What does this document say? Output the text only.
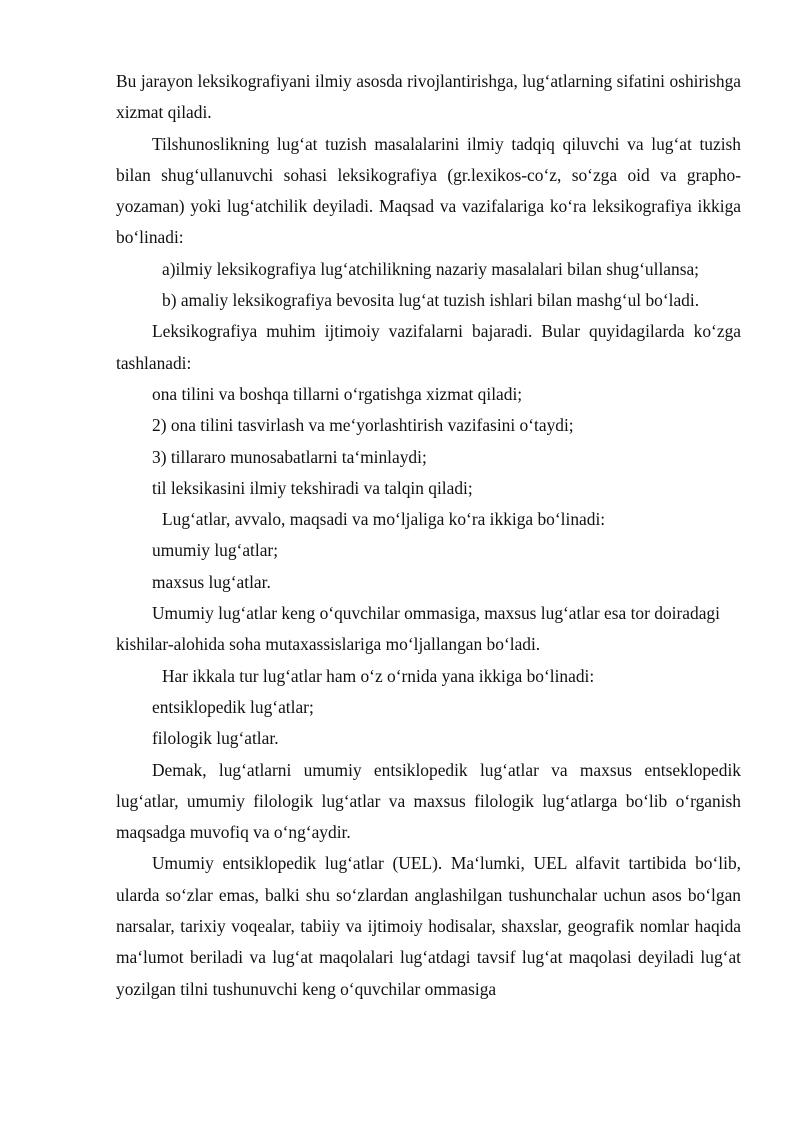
Bu jarayon leksikografiyani ilmiy asosda rivojlantirishga, lug‘atlarning sifatini oshirishga xizmat qiladi.

Tilshunoslikning lug‘at tuzish masalalarini ilmiy tadqiq qiluvchi va lug‘at tuzish bilan shug‘ullanuvchi sohasi leksikografiya (gr.lexikos-co‘z, so‘zga oid va grapho-yozaman) yoki lug‘atchilik deyiladi. Maqsad va vazifalariga ko‘ra leksikografiya ikkiga bo‘linadi:

a)ilmiy leksikografiya lug‘atchilikning nazariy masalalari bilan shug‘ullansa;

b) amaliy leksikografiya bevosita lug‘at tuzish ishlari bilan mashg‘ul bo‘ladi.

Leksikografiya muhim ijtimoiy vazifalarni bajaradi. Bular quyidagilarda ko‘zga tashlanadi:

ona tilini va boshqa tillarni o‘rgatishga xizmat qiladi;

2) ona tilini tasvirlash va me‘yorlashtirish vazifasini o‘taydi;

3) tillararo munosabatlarni ta‘minlaydi;

til leksikasini ilmiy tekshiradi va talqin qiladi;

Lug‘atlar, avvalo, maqsadi va mo‘ljaliga ko‘ra ikkiga bo‘linadi:

umumiy lug‘atlar;

maxsus lug‘atlar.

Umumiy lug‘atlar keng o‘quvchilar ommasiga, maxsus lug‘atlar esa tor doiradagi kishilar-alohida soha mutaxassislariga mo‘ljallangan bo‘ladi.

Har ikkala tur lug‘atlar ham o‘z o‘rnida yana ikkiga bo‘linadi:

entsiklopedik lug‘atlar;

filologik lug‘atlar.

Demak, lug‘atlarni umumiy entsiklopedik lug‘atlar va maxsus entseklopedik lug‘atlar, umumiy filologik lug‘atlar va maxsus filologik lug‘atlarga bo‘lib o‘rganish maqsadga muvofiq va o‘ng‘aydir.

Umumiy entsiklopedik lug‘atlar (UEL). Ma‘lumki, UEL alfavit tartibida bo‘lib, ularda so‘zlar emas, balki shu so‘zlardan anglashilgan tushunchalar uchun asos bo‘lgan narsalar, tarixiy voqealar, tabiiy va ijtimoiy hodisalar, shaxslar, geografik nomlar haqida ma‘lumot beriladi va lug‘at maqolalari lug‘atdagi tavsif lug‘at maqolasi deyiladi lug‘at yozilgan tilni tushunuvchi keng o‘quvchilar ommasiga
